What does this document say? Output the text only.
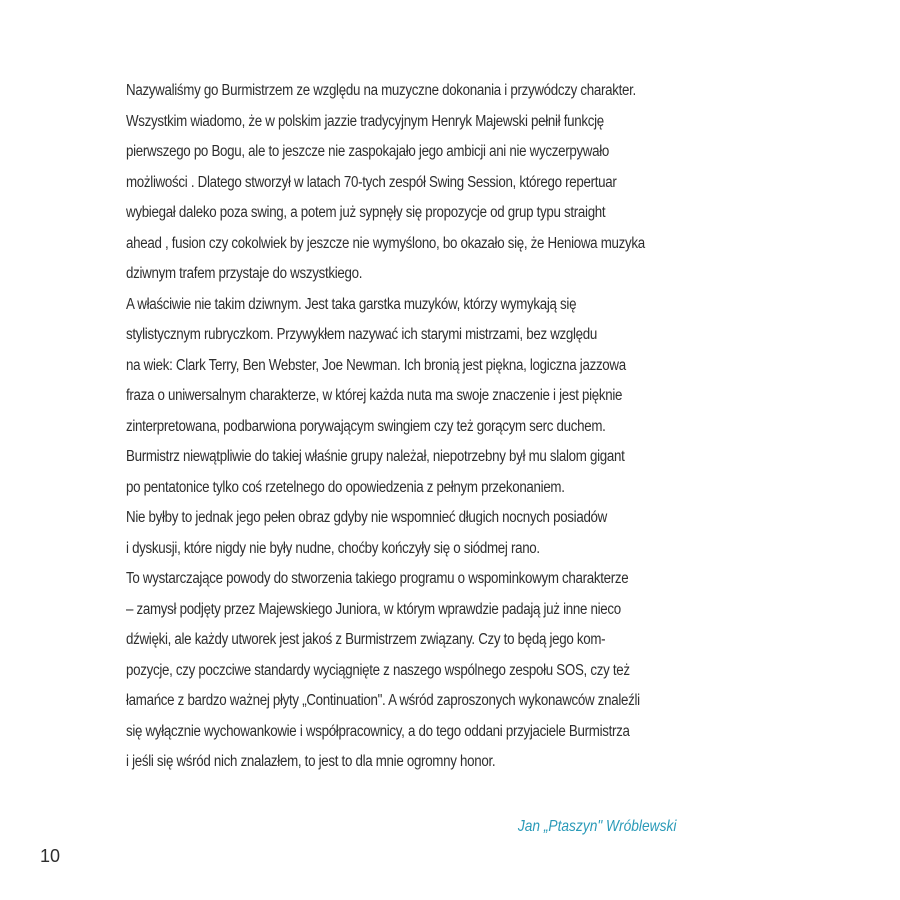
Nazywaliśmy go Burmistrzem ze względu na muzyczne dokonania i przywódczy charakter.
Wszystkim wiadomo, że w polskim jazzie tradycyjnym Henryk Majewski pełnił funkcję
pierwszego po Bogu, ale to jeszcze nie zaspokajało jego ambicji ani nie wyczerpywało
możliwości . Dlatego stworzył w latach 70-tych zespół Swing Session, którego repertuar
wybiegał daleko poza swing, a potem już sypnęły się propozycje od grup typu straight
ahead , fusion czy cokolwiek by jeszcze nie wymyślono, bo okazało się, że Heniowa muzyka
dziwnym trafem przystaje do wszystkiego.
A właściwie nie takim dziwnym. Jest taka garstka muzyków, którzy wymykają się
stylistycznym rubryczkom. Przywykłem nazywać ich starymi mistrzami, bez względu
na wiek: Clark Terry, Ben Webster, Joe Newman. Ich bronią jest piękna, logiczna jazzowa
fraza o uniwersalnym charakterze, w której każda nuta ma swoje znaczenie i jest pięknie
zinterpretowana, podbarwiona porywającym swingiem czy też gorącym serc duchem.
Burmistrz niewątpliwie do takiej właśnie grupy należał, niepotrzebny był mu slalom gigant
po pentatonice tylko coś rzetelnego do opowiedzenia z pełnym przekonaniem.
Nie byłby to jednak jego pełen obraz gdyby nie wspomnieć długich nocnych posiadów
i dyskusji, które nigdy nie były nudne, choćby kończyły się o siódmej rano.
To wystarczające powody do stworzenia takiego programu o wspominkowym charakterze
– zamysł podjęty przez Majewskiego Juniora, w którym wprawdzie padają już inne nieco
dźwięki, ale każdy utworek jest jakoś z Burmistrzem związany. Czy to będą jego kom-
pozycje, czy poczciwe standardy wyciągnięte z naszego wspólnego zespołu SOS, czy też
łamańce z bardzo ważnej płyty „Continuation". A wśród zaproszonych wykonawców znaleźli
się wyłącznie wychowankowie i współpracownicy, a do tego oddani przyjaciele Burmistrza
i jeśli się wśród nich znalazłem, to jest to dla mnie ogromny honor.
Jan „Ptaszyn" Wróblewski
10
